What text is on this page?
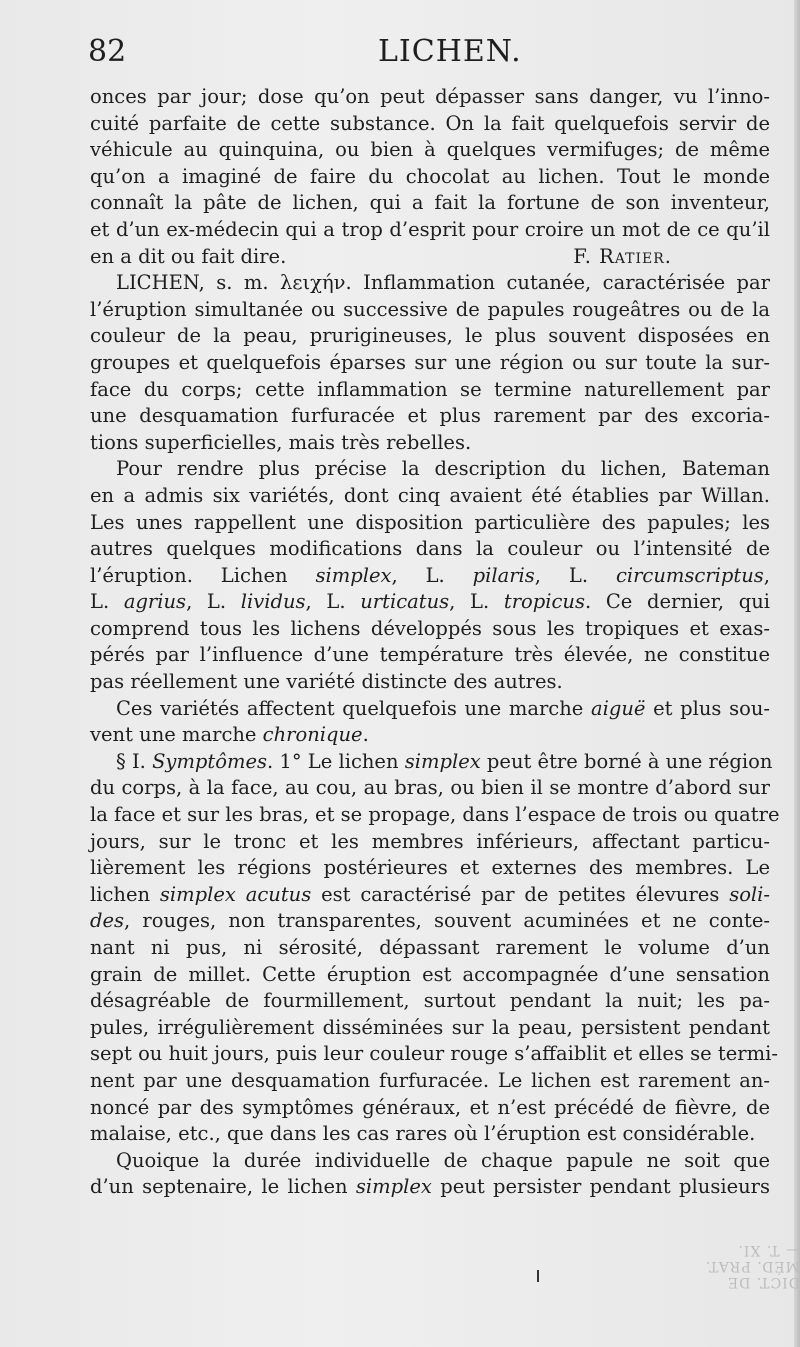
82	LICHEN.
onces par jour; dose qu’on peut dépasser sans danger, vu l’inno-
cuité parfaite de cette substance. On la fait quelquefois servir de
véhicule au quinquina, ou bien à quelques vermifuges; de même
qu’on a imaginé de faire du chocolat au lichen. Tout le monde
connaît la pâte de lichen, qui a fait la fortune de son inventeur,
et d’un ex-médecin qui a trop d’esprit pour croire un mot de ce qu’il
en a dit ou fait dire.	F. Ratier.
LICHEN, s. m. λειχήν. Inflammation cutanée, caractérisée par
l’éruption simultanée ou successive de papules rougeâtres ou de la
couleur de la peau, prurigineuses, le plus souvent disposées en
groupes et quelquefois éparses sur une région ou sur toute la sur-
face du corps; cette inflammation se termine naturellement par
une desquamation furfuracée et plus rarement par des excoria-
tions superficielles, mais très rebelles.
Pour rendre plus précise la description du lichen, Bateman
en a admis six variétés, dont cinq avaient été établies par Willan.
Les unes rappellent une disposition particulière des papules; les
autres quelques modifications dans la couleur ou l’intensité de
l’éruption. Lichen simplex, L. pilaris, L. circumscriptus,
L. agrius, L. lividus, L. urticatus, L. tropicus. Ce dernier, qui
comprend tous les lichens développés sous les tropiques et exas-
pérés par l’influence d’une température très élevée, ne constitue
pas réellement une variété distincte des autres.
Ces variétés affectent quelquefois une marche aiguë et plus sou-
vent une marche chronique.
§ I. Symptômes. 1° Le lichen simplex peut être borné à une région
du corps, à la face, au cou, au bras, ou bien il se montre d’abord sur
la face et sur les bras, et se propage, dans l’espace de trois ou quatre
jours, sur le tronc et les membres inférieurs, affectant particu-
lièrement les régions postérieures et externes des membres. Le
lichen simplex acutus est caractérisé par de petites élevures soli-
des, rouges, non transparentes, souvent acuminées et ne conte-
nant ni pus, ni sérosité, dépassant rarement le volume d’un
grain de millet. Cette éruption est accompagnée d’une sensation
désagréable de fourmillement, surtout pendant la nuit; les pa-
pules, irrégulièrement disséminées sur la peau, persistent pendant
sept ou huit jours, puis leur couleur rouge s’affaiblit et elles se termi-
nent par une desquamation furfuracée. Le lichen est rarement an-
noncé par des symptômes généraux, et n’est précédé de fièvre, de
malaise, etc., que dans les cas rares où l’éruption est considérable.
Quoique la durée individuelle de chaque papule ne soit que
d’un septenaire, le lichen simplex peut persister pendant plusieurs
DICT. DE MÉD. PRAT. — T. XI.
